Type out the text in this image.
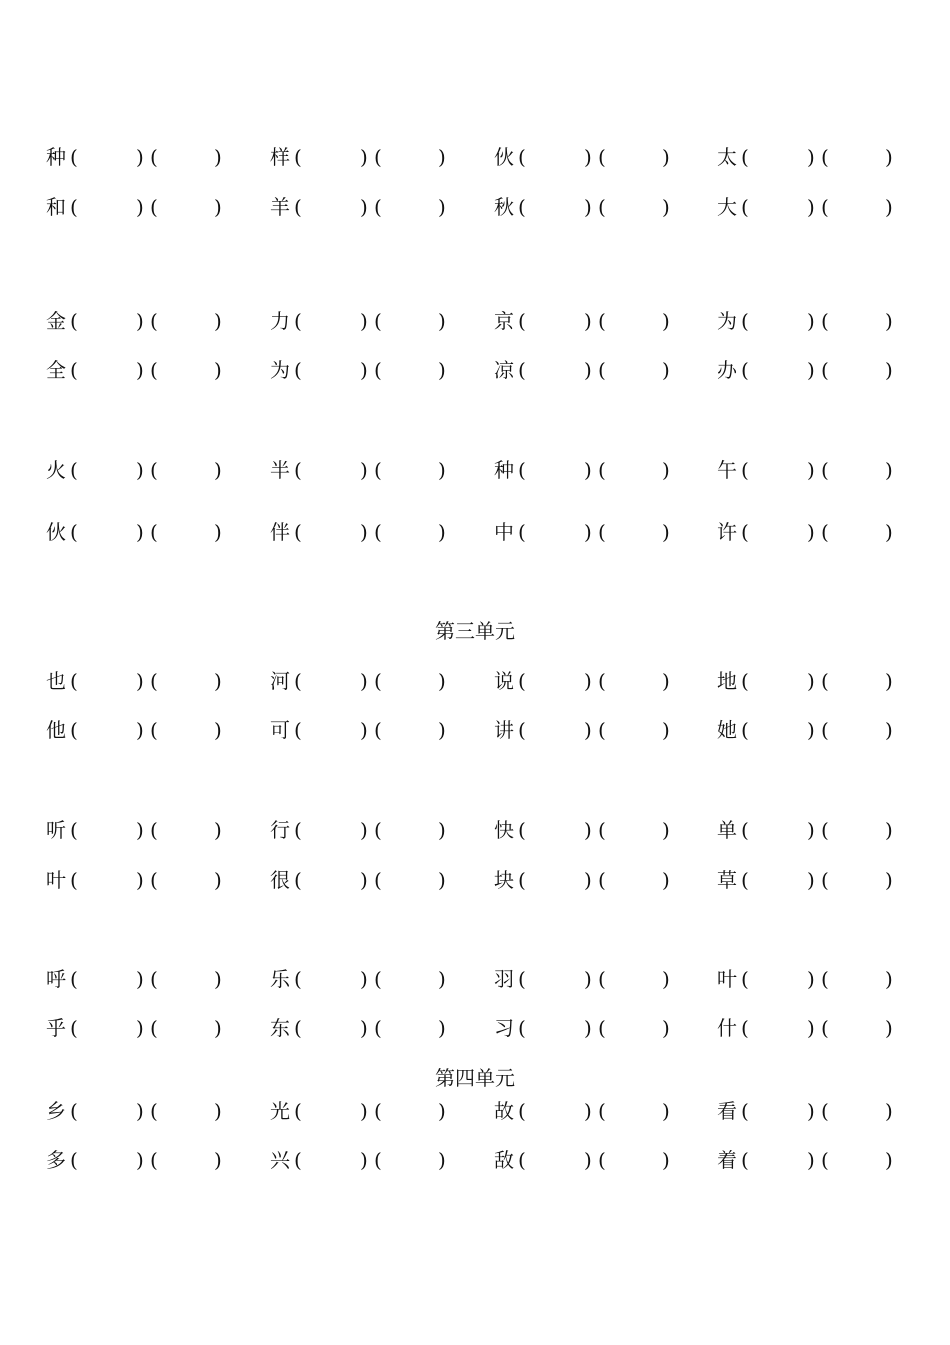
第三单元
第四单元
种 (	) (	) 样 (	) (	) 伙 (	) (	) 太 (	) (	)
和 (	) (	) 羊 (	) (	) 秋 (	) (	) 大 (	) (	)
金 (	) (	) 力 (	) (	) 京 (	) (	) 为 (	) (	)
全 (	) (	) 为 (	) (	) 凉 (	) (	) 办 (	) (	)
火 (	) (	) 半 (	) (	) 种 (	) (	) 午 (	) (	)
伙 (	) (	) 伴 (	) (	) 中 (	) (	) 许 (	) (	)
也 (	) (	) 河 (	) (	) 说 (	) (	) 地 (	) (	)
他 (	) (	) 可 (	) (	) 讲 (	) (	) 她 (	) (	)
听 (	) (	) 行 (	) (	) 快 (	) (	) 单 (	) (	)
叶 (	) (	) 很 (	) (	) 块 (	) (	) 草 (	) (	)
呼 (	) (	) 乐 (	) (	) 羽 (	) (	) 叶 (	) (	)
乎 (	) (	) 东 (	) (	) 习 (	) (	) 什 (	) (	)
乡 (	) (	) 光 (	) (	) 故 (	) (	) 看 (	) (	)
多 (	) (	) 兴 (	) (	) 敌 (	) (	) 着 (	) (	)
